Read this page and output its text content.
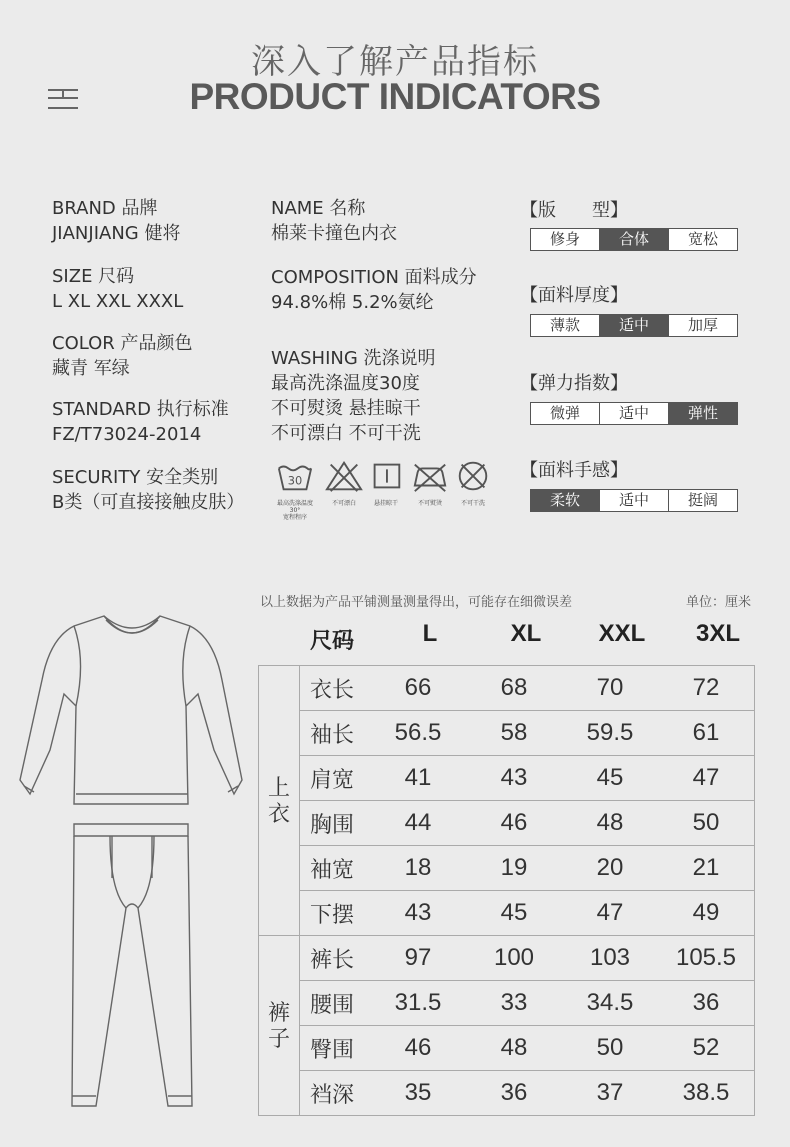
深入了解产品指标
PRODUCT INDICATORS
BRAND 品牌
JIANJIANG 健将
SIZE 尺码
L XL XXL XXXL
COLOR 产品颜色
藏青 军绿
STANDARD 执行标准
FZ/T73024-2014
SECURITY 安全类别
B类（可直接接触皮肤）
NAME 名称
棉莱卡撞色内衣
COMPOSITION 面料成分
94.8%棉 5.2%氨纶
WASHING 洗涤说明
最高洗涤温度30度
不可熨烫 悬挂晾干
不可漂白 不可干洗
30
最高洗涤温度30°
宽程程序
不可漂白	悬挂晾干	不可熨烫	不可干洗
【版　　型】
修身	合体	宽松
【面料厚度】
薄款	适中	加厚
【弹力指数】
微弹	适中	弹性
【面料手感】
柔软	适中	挺阔
以上数据为产品平铺测量测量得出，可能存在细微误差	单位：厘米
尺码	L	XL	XXL	3XL
上衣	衣长	66	68	70	72
	袖长	56.5	58	59.5	61
	肩宽	41	43	45	47
	胸围	44	46	48	50
	袖宽	18	19	20	21
	下摆	43	45	47	49
裤子	裤长	97	100	103	105.5
	腰围	31.5	33	34.5	36
	臀围	46	48	50	52
	裆深	35	36	37	38.5
